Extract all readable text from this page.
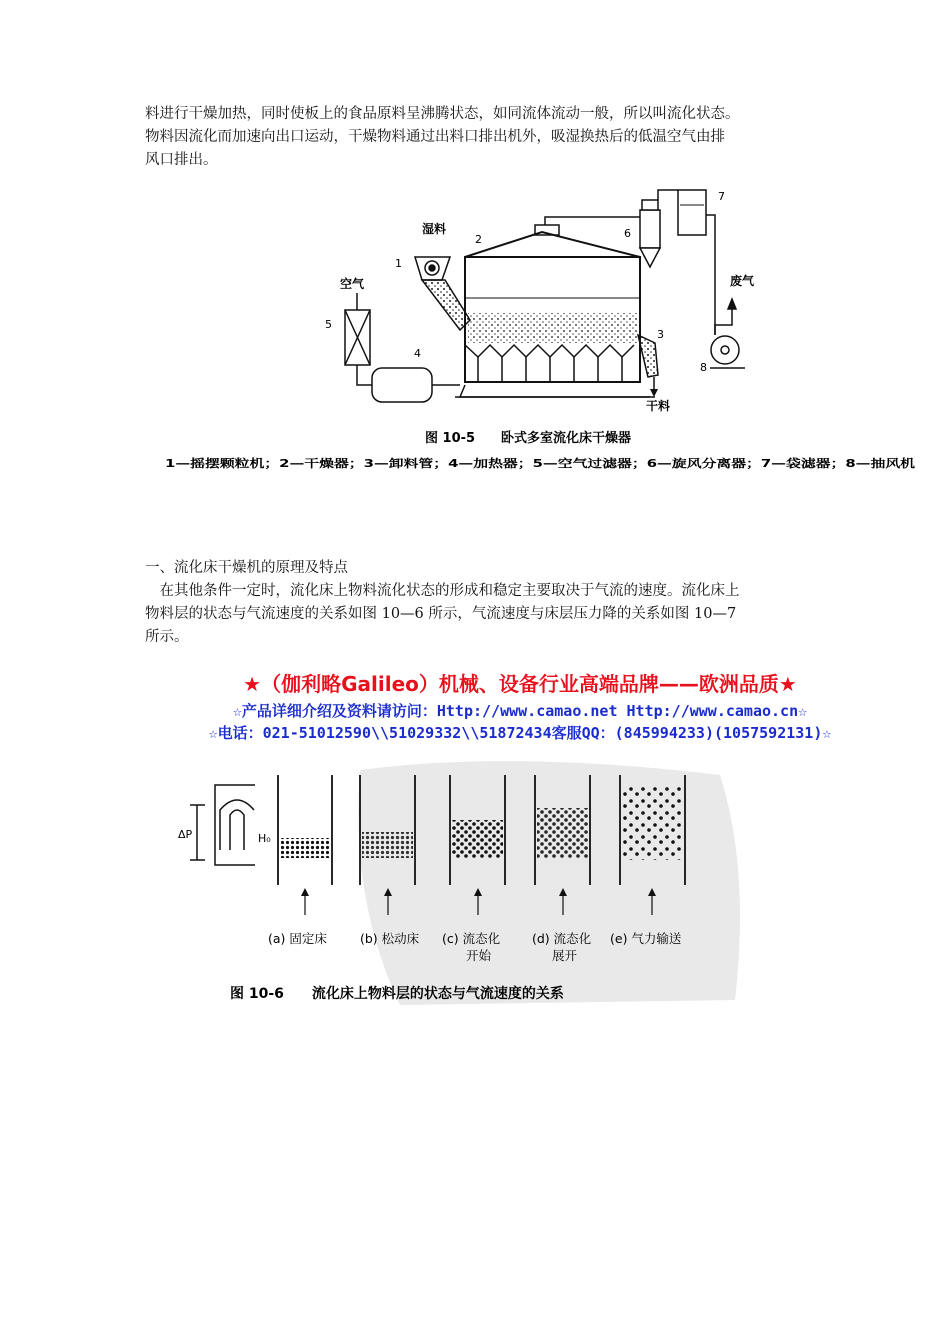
料进行干燥加热，同时使板上的食品原料呈沸腾状态，如同流体流动一般，所以叫流化状态。
物料因流化而加速向出口运动，干燥物料通过出料口排出机外，吸湿换热后的低温空气由排
风口排出。
湿料
空气	废气
干料
1
2
3
4
5
6
7
8
图 10-5　　卧式多室流化床干燥器
1—摇摆颗粒机；2—干燥器；3—卸料管；4—加热器；5—空气过滤器；6—旋风分离器；7—袋滤器；8—抽风机
一、流化床干燥机的原理及特点
　在其他条件一定时，流化床上物料流化状态的形成和稳定主要取决于气流的速度。流化床上
物料层的状态与气流速度的关系如图 10—6 所示，气流速度与床层压力降的关系如图 10—7
所示。
★（伽利略Galileo）机械、设备行业高端品牌——欧洲品质★
☆产品详细介绍及资料请访问：Http://www.camao.net Http://www.camao.cn☆
☆电话：021-51012590\\51029332\\51872434客服QQ：(845994233)(1057592131)☆
ΔP	H₀
(a) 固定床	(b) 松动床 (c) 流态化
开始
(d) 流态化
展开
(e) 气力输送
图 10-6　　流化床上物料层的状态与气流速度的关系
